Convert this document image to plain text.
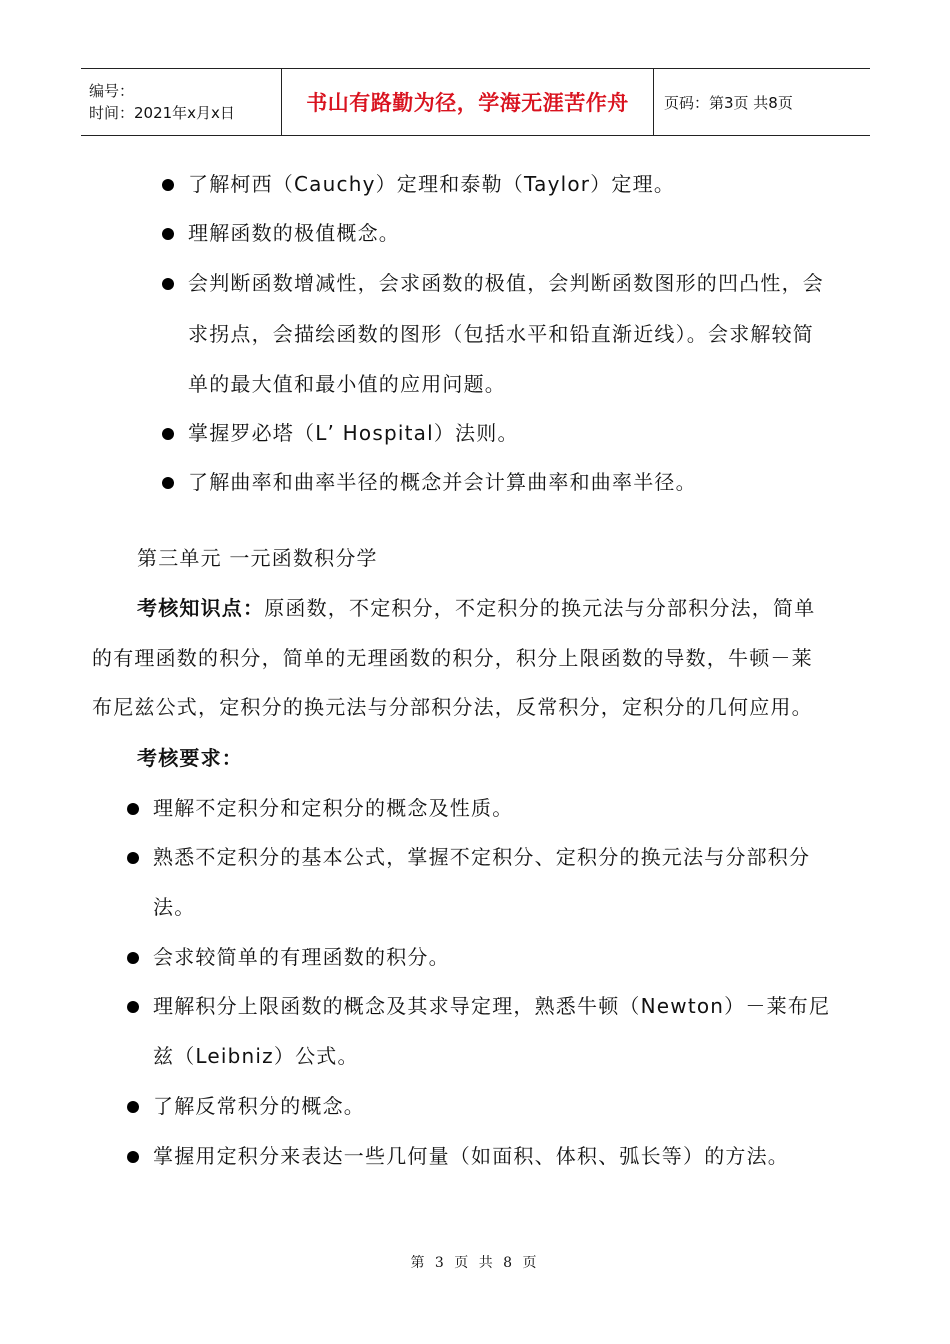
编号：
时间：2021年x月x日	书山有路勤为径，学海无涯苦作舟 页码：第3页 共8页
了解柯西（Cauchy）定理和泰勒（Taylor）定理。
理解函数的极值概念。
会判断函数增减性，会求函数的极值，会判断函数图形的凹凸性，会
求拐点，会描绘函数的图形（包括水平和铅直渐近线）。会求解较简
单的最大值和最小值的应用问题。
掌握罗必塔（L’ Hospital）法则。
了解曲率和曲率半径的概念并会计算曲率和曲率半径。
第三单元 一元函数积分学
考核知识点：原函数，不定积分，不定积分的换元法与分部积分法，简单
的有理函数的积分，简单的无理函数的积分，积分上限函数的导数，牛顿－莱
布尼兹公式，定积分的换元法与分部积分法，反常积分，定积分的几何应用。
考核要求：
理解不定积分和定积分的概念及性质。
熟悉不定积分的基本公式，掌握不定积分、定积分的换元法与分部积分
法。
会求较简单的有理函数的积分。
理解积分上限函数的概念及其求导定理，熟悉牛顿（Newton）－莱布尼
兹（Leibniz）公式。
了解反常积分的概念。
掌握用定积分来表达一些几何量（如面积、体积、弧长等）的方法。
第 3 页 共 8 页
